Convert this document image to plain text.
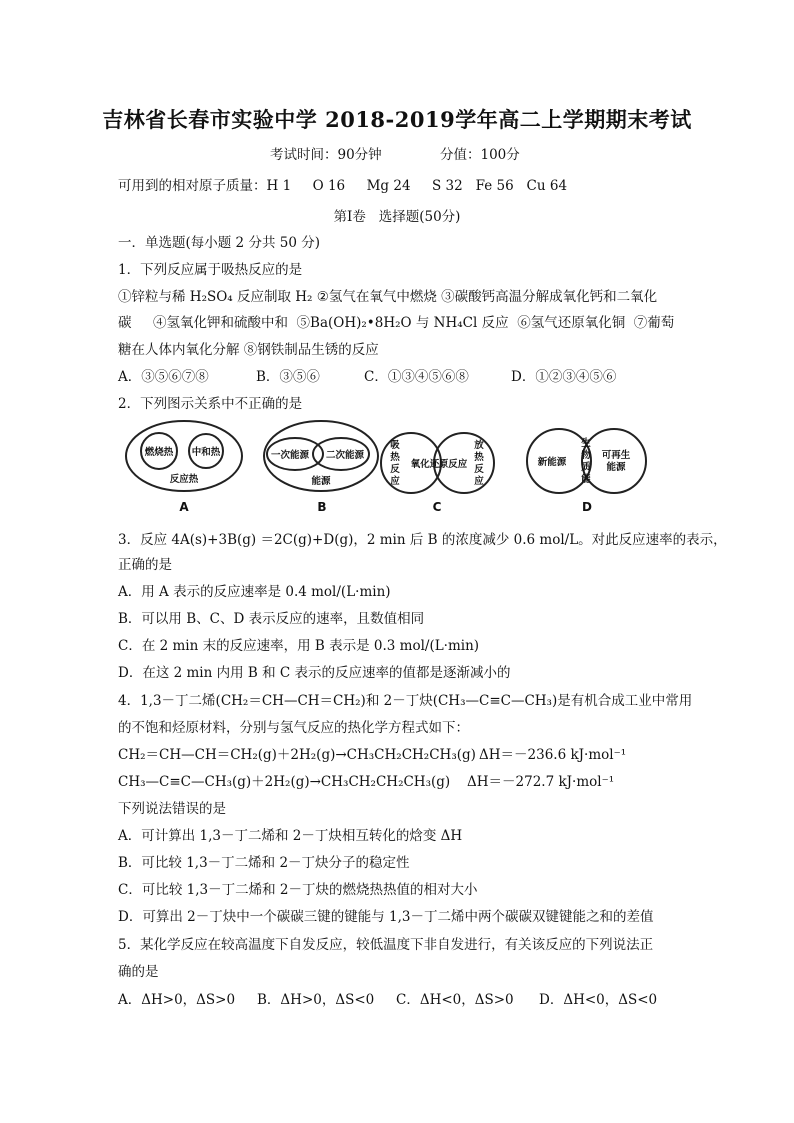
吉林省长春市实验中学 2018-2019学年高二上学期期末考试
考试时间：90分钟	分值：100分
可用到的相对原子质量：H 1     O 16     Mg 24     S 32   Fe 56   Cu 64
第Ⅰ卷   选择题(50分)
一．单选题(每小题 2 分共 50 分)
1．下列反应属于吸热反应的是
①锌粒与稀 H₂SO₄ 反应制取 H₂ ②氢气在氧气中燃烧 ③碳酸钙高温分解成氧化钙和二氧化
碳     ④氢氧化钾和硫酸中和  ⑤Ba(OH)₂•8H₂O 与 NH₄Cl 反应  ⑥氢气还原氧化铜  ⑦葡萄
糖在人体内氧化分解 ⑧钢铁制品生锈的反应
A．③⑤⑥⑦⑧	B．③⑤⑥	C．①③④⑤⑥⑧	D．①②③④⑤⑥
2．下列图示关系中不正确的是
燃烧热 中和热
反应热
一次能源 二次能源
能源
吸
热
反
应
氧化还 原反应
放
热
反
应
新能源
生
物
质
能
可再生
能源
A	B	C	D
3．反应 4A(s)+3B(g) ＝2C(g)+D(g)，2 min 后 B 的浓度减少 0.6 mol/L。对此反应速率的表示，
正确的是
A．用 A 表示的反应速率是 0.4 mol/(L·min)
B．可以用 B、C、D 表示反应的速率，且数值相同
C．在 2 min 末的反应速率，用 B 表示是 0.3 mol/(L·min)
D．在这 2 min 内用 B 和 C 表示的反应速率的值都是逐渐减小的
4．1,3－丁二烯(CH₂＝CH—CH＝CH₂)和 2－丁炔(CH₃—C≡C—CH₃)是有机合成工业中常用
的不饱和烃原材料，分别与氢气反应的热化学方程式如下：
CH₂＝CH—CH＝CH₂(g)＋2H₂(g)→CH₃CH₂CH₂CH₃(g) ΔH＝－236.6 kJ·mol⁻¹
CH₃—C≡C—CH₃(g)＋2H₂(g)→CH₃CH₂CH₂CH₃(g) ΔH＝－272.7 kJ·mol⁻¹
下列说法错误的是
A．可计算出 1,3－丁二烯和 2－丁炔相互转化的焓变 ΔH
B．可比较 1,3－丁二烯和 2－丁炔分子的稳定性
C．可比较 1,3－丁二烯和 2－丁炔的燃烧热热值的相对大小
D．可算出 2－丁炔中一个碳碳三键的键能与 1,3－丁二烯中两个碳碳双键键能之和的差值
5．某化学反应在较高温度下自发反应，较低温度下非自发进行，有关该反应的下列说法正
确的是
A．ΔH>0，ΔS>0 B．ΔH>0，ΔS<0 C．ΔH<0，ΔS>0 D．ΔH<0，ΔS<0
